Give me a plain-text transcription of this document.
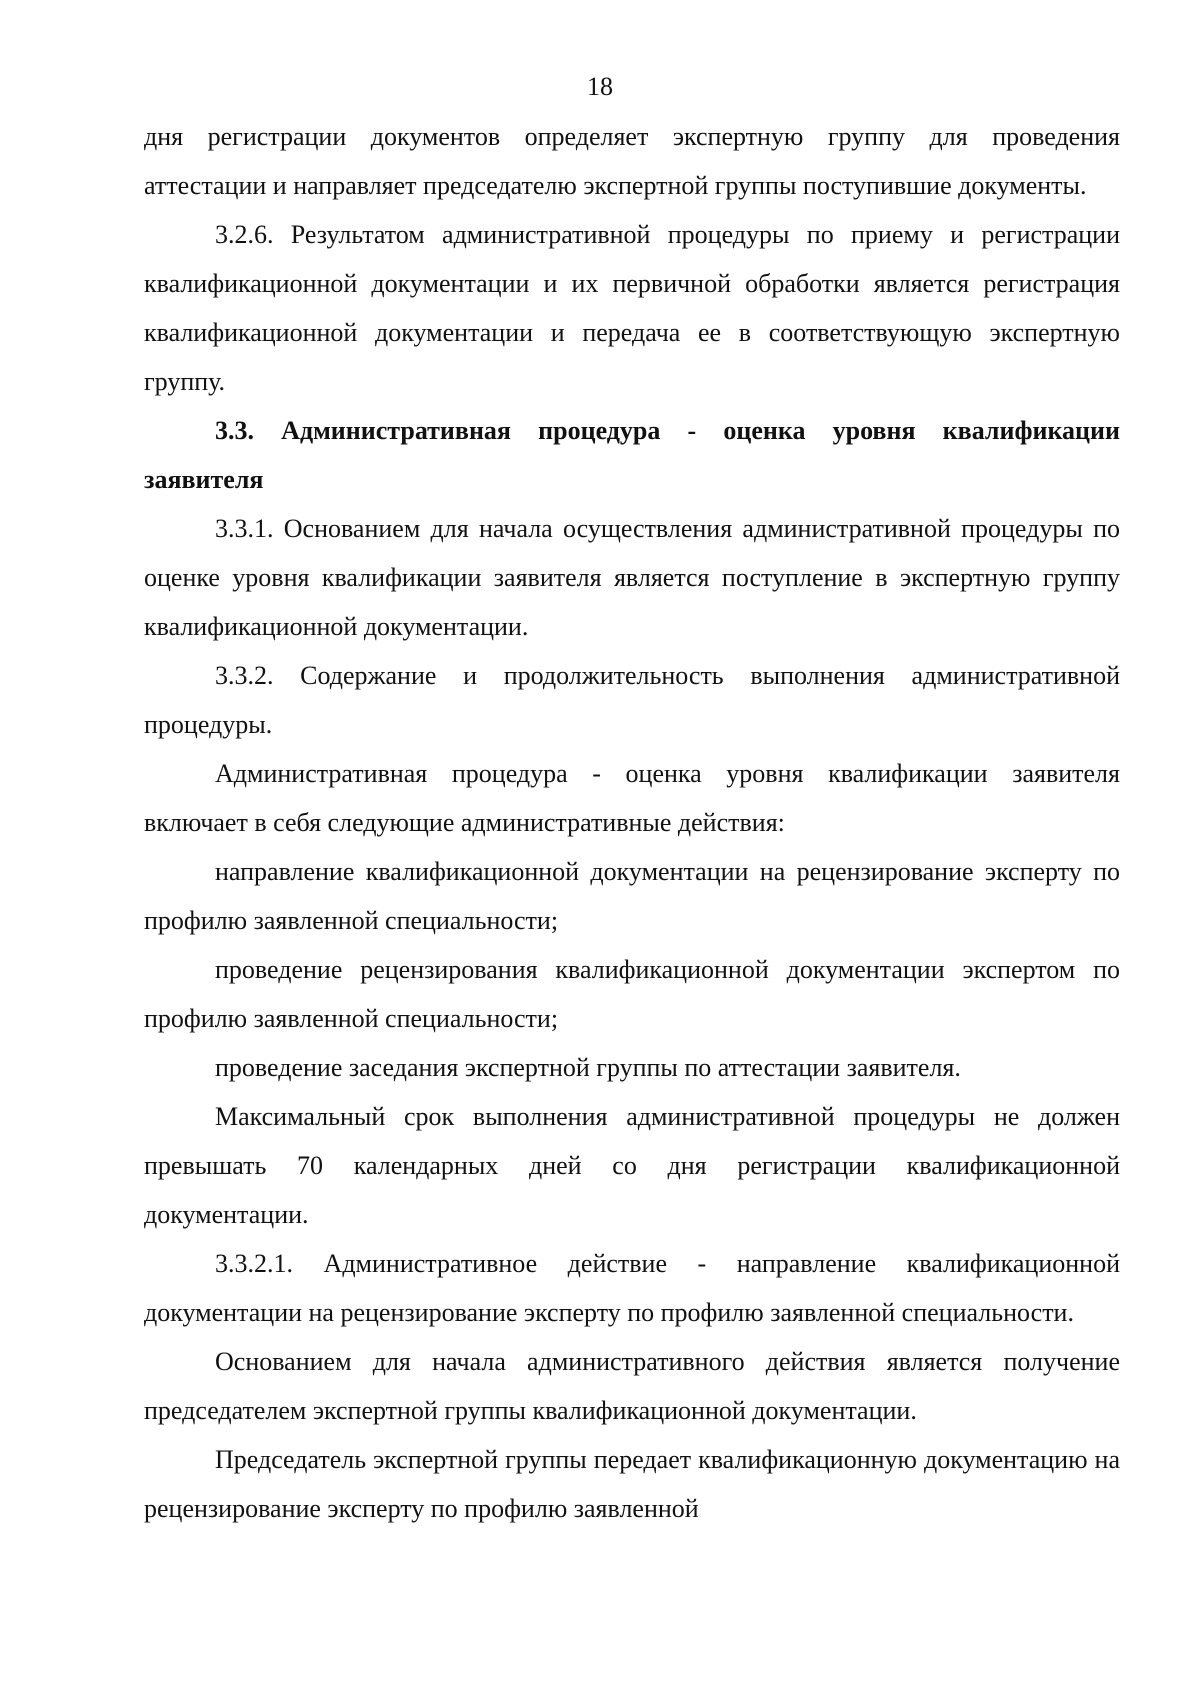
18

дня регистрации документов определяет экспертную группу для проведения аттестации и направляет председателю экспертной группы поступившие документы.

3.2.6. Результатом административной процедуры по приему и регистрации квалификационной документации и их первичной обработки является регистрация квалификационной документации и передача ее в соответствующую экспертную группу.

3.3. Административная процедура - оценка уровня квалификации заявителя

3.3.1. Основанием для начала осуществления административной процедуры по оценке уровня квалификации заявителя является поступление в экспертную группу квалификационной документации.

3.3.2. Содержание и продолжительность выполнения административной процедуры.

Административная процедура - оценка уровня квалификации заявителя включает в себя следующие административные действия:

направление квалификационной документации на рецензирование эксперту по профилю заявленной специальности;

проведение рецензирования квалификационной документации экспертом по профилю заявленной специальности;

проведение заседания экспертной группы по аттестации заявителя.

Максимальный срок выполнения административной процедуры не должен превышать 70 календарных дней со дня регистрации квалификационной документации.

3.3.2.1. Административное действие - направление квалификационной документации на рецензирование эксперту по профилю заявленной специальности.

Основанием для начала административного действия является получение председателем экспертной группы квалификационной документации.

Председатель экспертной группы передает квалификационную документацию на рецензирование эксперту по профилю заявленной
